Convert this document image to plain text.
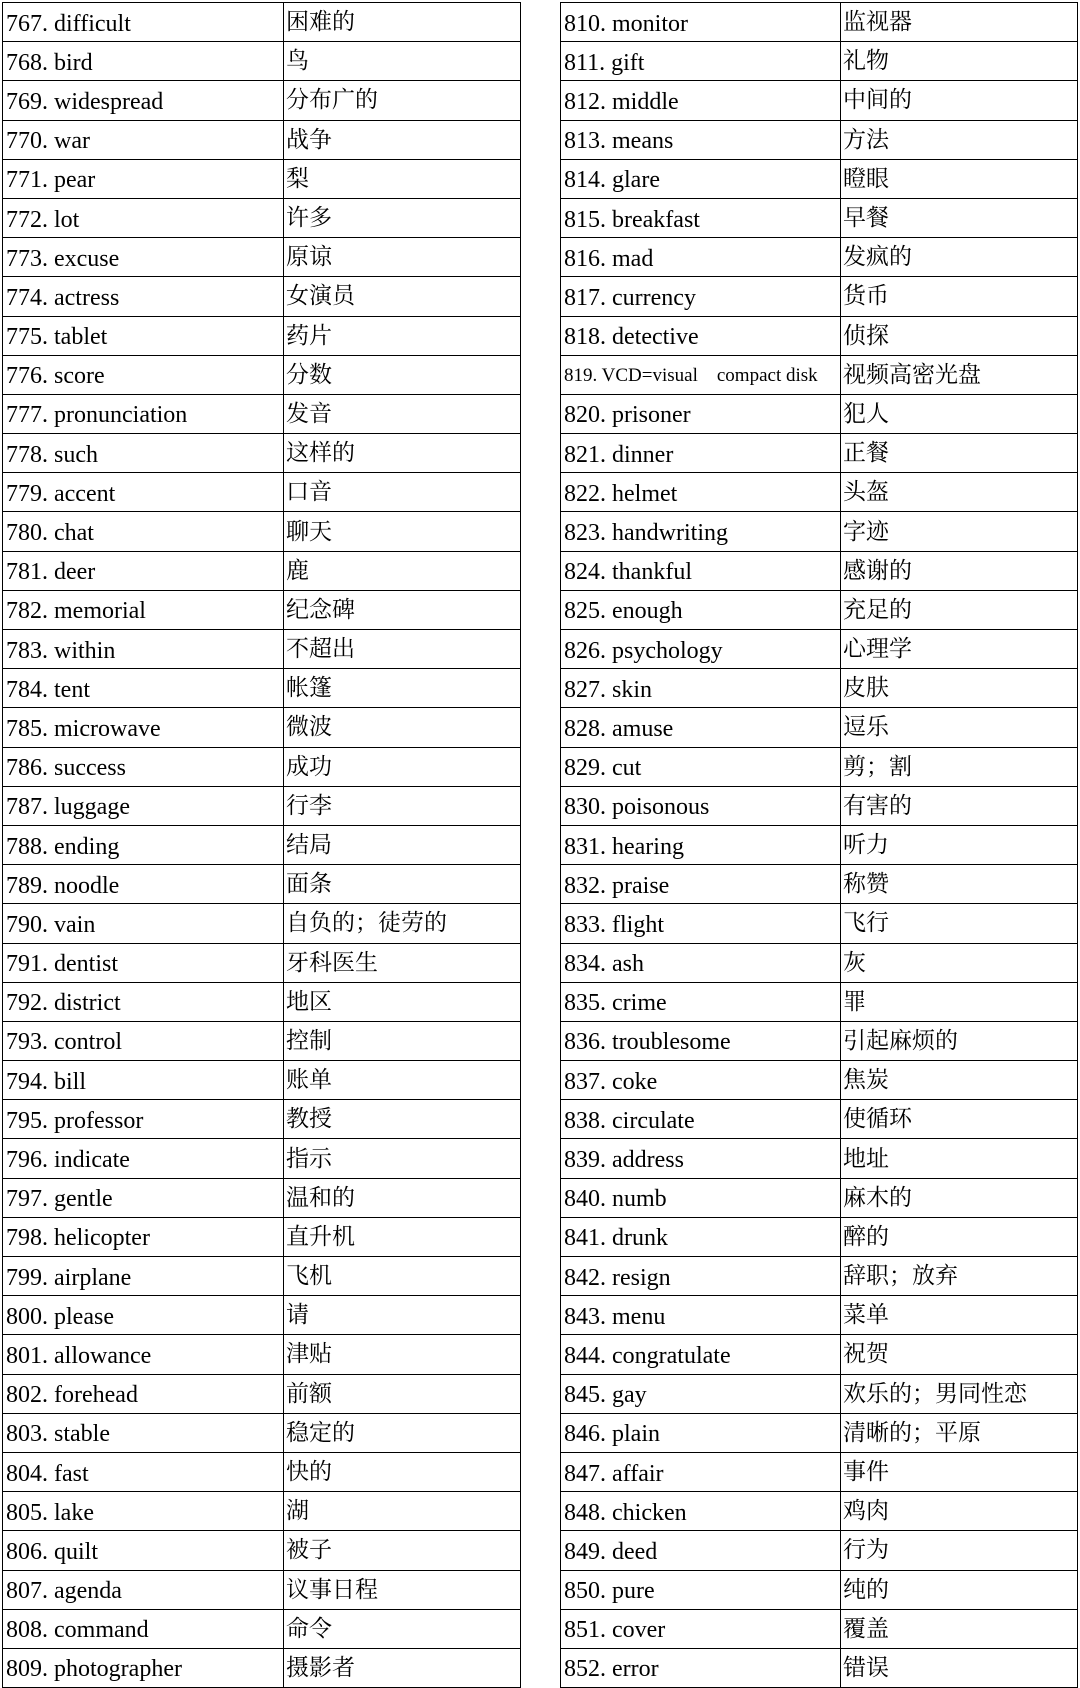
767. difficult	困难的
768. bird	鸟
769. widespread	分布广的
770. war	战争
771. pear	梨
772. lot	许多
773. excuse	原谅
774. actress	女演员
775. tablet	药片
776. score	分数
777. pronunciation	发音
778. such	这样的
779. accent	口音
780. chat	聊天
781. deer	鹿
782. memorial	纪念碑
783. within	不超出
784. tent	帐篷
785. microwave	微波
786. success	成功
787. luggage	行李
788. ending	结局
789. noodle	面条
790. vain	自负的；徒劳的
791. dentist	牙科医生
792. district	地区
793. control	控制
794. bill	账单
795. professor	教授
796. indicate	指示
797. gentle	温和的
798. helicopter	直升机
799. airplane	飞机
800. please	请
801. allowance	津贴
802. forehead	前额
803. stable	稳定的
804. fast	快的
805. lake	湖
806. quilt	被子
807. agenda	议事日程
808. command	命令
809. photographer	摄影者
810. monitor	监视器
811. gift	礼物
812. middle	中间的
813. means	方法
814. glare	瞪眼
815. breakfast	早餐
816. mad	发疯的
817. currency	货币
818. detective	侦探
819. VCD=visual    compact disk	视频高密光盘
820. prisoner	犯人
821. dinner	正餐
822. helmet	头盔
823. handwriting	字迹
824. thankful	感谢的
825. enough	充足的
826. psychology	心理学
827. skin	皮肤
828. amuse	逗乐
829. cut	剪；割
830. poisonous	有害的
831. hearing	听力
832. praise	称赞
833. flight	飞行
834. ash	灰
835. crime	罪
836. troublesome	引起麻烦的
837. coke	焦炭
838. circulate	使循环
839. address	地址
840. numb	麻木的
841. drunk	醉的
842. resign	辞职；放弃
843. menu	菜单
844. congratulate	祝贺
845. gay	欢乐的；男同性恋
846. plain	清晰的；平原
847. affair	事件
848. chicken	鸡肉
849. deed	行为
850. pure	纯的
851. cover	覆盖
852. error	错误
